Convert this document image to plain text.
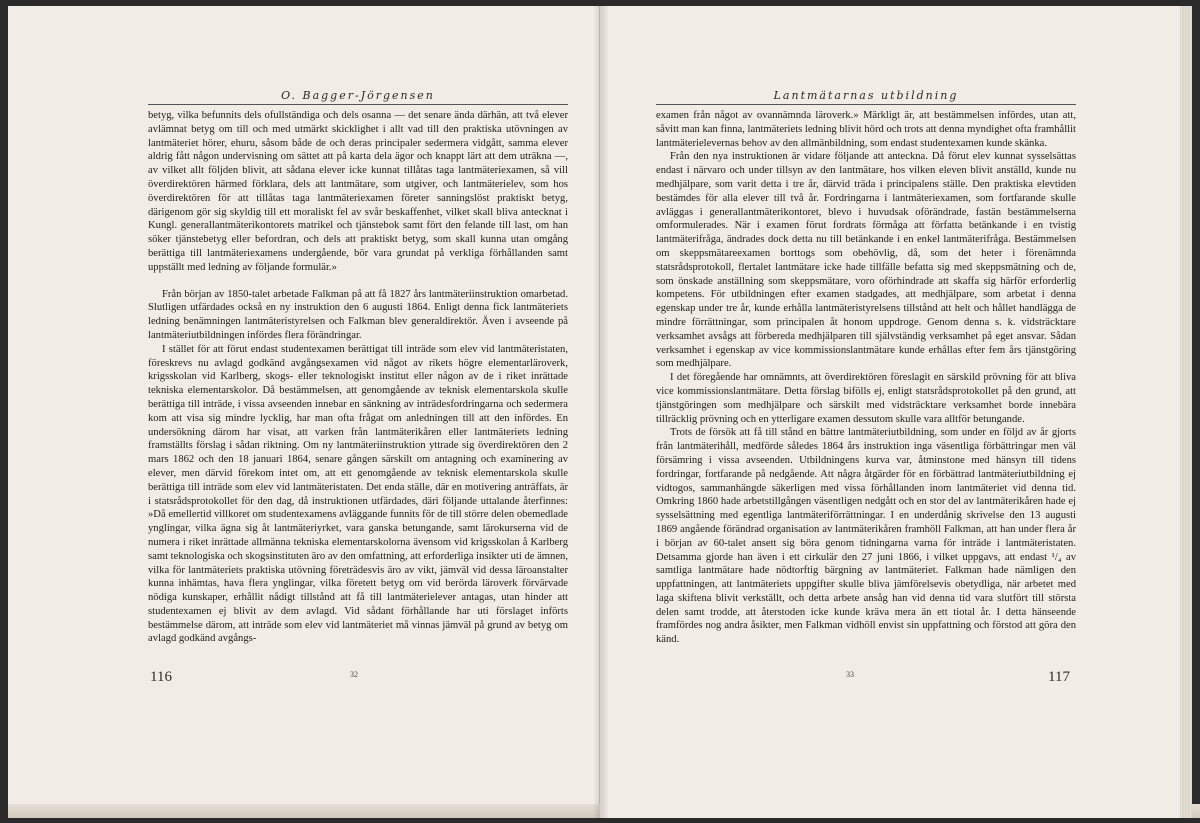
O. Bagger-Jörgensen

betyg, vilka befunnits dels ofullständiga och dels osanna — det senare ända därhän, att två elever avlämnat betyg om till och med utmärkt skicklighet i allt vad till den praktiska utövningen av lantmäteriet hörer, ehuru, såsom både de och deras principaler sedermera vidgått, samma elever aldrig fått någon undervisning om sättet att på karta dela ägor och knappt lärt att dem uträkna —, av vilket allt följden blivit, att sådana elever icke kunnat tillåtas taga lantmäteriexamen, så vill överdirektören härmed förklara, dels att lantmätare, som utgiver, och lantmäterielev, som hos överdirektören för att tillåtas taga lantmäteriexamen företer sanningslöst praktiskt betyg, därigenom gör sig skyldig till ett moraliskt fel av svår beskaffenhet, vilket skall bliva antecknat i Kungl. generallantmäterikontorets matrikel och tjänstebok samt fört den felande till last, om han söker tjänstebetyg eller befordran, och dels att praktiskt betyg, som skall kunna utan omgång berättiga till lantmäteriexamens undergående, bör vara grundat på verkliga förhållanden samt uppställt med ledning av följande formulär.»

Från början av 1850-talet arbetade Falkman på att få 1827 års lantmäteriinstruktion omarbetad. Slutligen utfärdades också en ny instruktion den 6 augusti 1864. Enligt denna fick lantmäteriets ledning benämningen lantmäteristyrelsen och Falkman blev generaldirektör. Även i avseende på lantmäteriutbildningen infördes flera förändringar.

I stället för att förut endast studentexamen berättigat till inträde som elev vid lantmäteristaten, föreskrevs nu avlagd godkänd avgångsexamen vid något av rikets högre elementarläroverk, krigsskolan vid Karlberg, skogs- eller teknologiskt institut eller någon av de i riket inrättade tekniska elementarskolor. Då bestämmelsen, att genomgående av teknisk elementarskola skulle berättiga till inträde, i vissa avseenden innebar en sänkning av inträdesfordringarna och sedermera kom att visa sig mindre lycklig, har man ofta frågat om anledningen till att den infördes. En undersökning därom har visat, att varken från lantmäterikåren eller lantmäteriets ledning framställts förslag i sådan riktning. Om ny lantmäteriinstruktion yttrade sig överdirektören den 2 mars 1862 och den 18 januari 1864, senare gången särskilt om antagning och examinering av elever, men därvid förekom intet om, att ett genomgående av teknisk elementarskola skulle berättiga till inträde som elev vid lantmäteristaten. Det enda ställe, där en motivering anträffats, är i statsrådsprotokollet för den dag, då instruktionen utfärdades, däri följande uttalande återfinnes: »Då emellertid villkoret om studentexamens avläggande funnits för de till större delen obemedlade ynglingar, vilka ägna sig åt lantmäteriyrket, vara ganska betungande, samt lärokurserna vid de numera i riket inrättade allmänna tekniska elementarskolorna ävensom vid krigsskolan å Karlberg samt teknologiska och skogsinstituten äro av den omfattning, att erforderliga insikter uti de ämnen, vilka för lantmäteriets praktiska utövning företrädesvis äro av vikt, jämväl vid dessa läroanstalter kunna inhämtas, hava flera ynglingar, vilka företett betyg om vid berörda läroverk förvärvade nödiga kunskaper, erhållit nådigt tillstånd att få till lantmäterielever antagas, utan hinder att studentexamen ej blivit av dem avlagd. Vid sådant förhållande har uti förslaget införts bestämmelse därom, att inträde som elev vid lantmäteriet må vinnas jämväl på grund av betyg om avlagd godkänd avgångs-

116	32
Lantmätarnas utbildning

examen från något av ovannämnda läroverk.» Märkligt är, att bestämmelsen infördes, utan att, såvitt man kan finna, lantmäteriets ledning blivit hörd och trots att denna myndighet ofta framhållit lantmäterielevernas behov av den allmänbildning, som endast studentexamen kunde skänka.

Från den nya instruktionen är vidare följande att anteckna. Då förut elev kunnat sysselsättas endast i närvaro och under tillsyn av den lantmätare, hos vilken eleven blivit anställd, kunde nu medhjälpare, som varit detta i tre år, därvid träda i principalens ställe. Den praktiska elevtiden bestämdes för alla elever till två år. Fordringarna i lantmäteriexamen, som fortfarande skulle avläggas i generallantmäterikontoret, blevo i huvudsak oförändrade, fastän bestämmelserna omformulerades. När i examen förut fordrats förmåga att författa betänkande i en tvistig lantmäterifråga, ändrades dock detta nu till betänkande i en enkel lantmäterifråga. Bestämmelsen om skeppsmätareexamen borttogs som obehövlig, då, som det heter i förenämnda statsrådsprotokoll, flertalet lantmätare icke hade tillfälle befatta sig med skeppsmätning och de, som önskade anställning som skeppsmätare, voro oförhindrade att skaffa sig härför erforderlig kompetens. För utbildningen efter examen stadgades, att medhjälpare, som arbetat i denna egenskap under tre år, kunde erhålla lantmäteristyrelsens tillstånd att helt och hållet handlägga de mindre förrättningar, som principalen åt honom uppdroge. Genom denna s. k. vidsträcktare verksamhet avsågs att förbereda medhjälparen till självständig verksamhet på eget ansvar. Sådan verksamhet i egenskap av vice kommissionslantmätare kunde erhållas efter fem års tjänstgöring som medhjälpare.

I det föregående har omnämnts, att överdirektören föreslagit en särskild prövning för att bliva vice kommissionslantmätare. Detta förslag bifölls ej, enligt statsrådsprotokollet på den grund, att tjänstgöringen som medhjälpare och särskilt med vidsträcktare verksamhet borde innebära tillräcklig prövning och en ytterligare examen dessutom skulle vara alltför betungande.

Trots de försök att få till stånd en bättre lantmäteriutbildning, som under en följd av år gjorts från lantmäterihåll, medförde således 1864 års instruktion inga väsentliga förbättringar men väl försämring i vissa avseenden. Utbildningens kurva var, åtminstone med hänsyn till tidens fordringar, fortfarande på nedgående. Att några åtgärder för en förbättrad lantmäteriutbildning ej vidtogos, sammanhängde säkerligen med vissa förhållanden inom lantmäteriet vid denna tid. Omkring 1860 hade arbetstillgången väsentligen nedgått och en stor del av lantmäterikåren hade ej sysselsättning med egentliga lantmäteriförrättningar. I en underdånig skrivelse den 13 augusti 1869 angående förändrad organisation av lantmäterikåren framhöll Falkman, att han under flera år i början av 60-talet ansett sig böra genom tidningarna varna för inträde i lantmäteristaten. Detsamma gjorde han även i ett cirkulär den 27 juni 1866, i vilket uppgavs, att endast ¹/₄ av samtliga lantmätare hade nödtorftig bärgning av lantmäteriet. Falkman hade nämligen den uppfattningen, att lantmäteriets uppgifter skulle bliva jämförelsevis obetydliga, när arbetet med laga skiftena blivit verkställt, och detta arbete ansåg han vid denna tid vara slutfört till största delen samt trodde, att återstoden icke kunde kräva mera än ett tiotal år. I detta hänseende framfördes nog andra åsikter, men Falkman vidhöll envist sin uppfattning och förstod att göra den känd.

33	117
